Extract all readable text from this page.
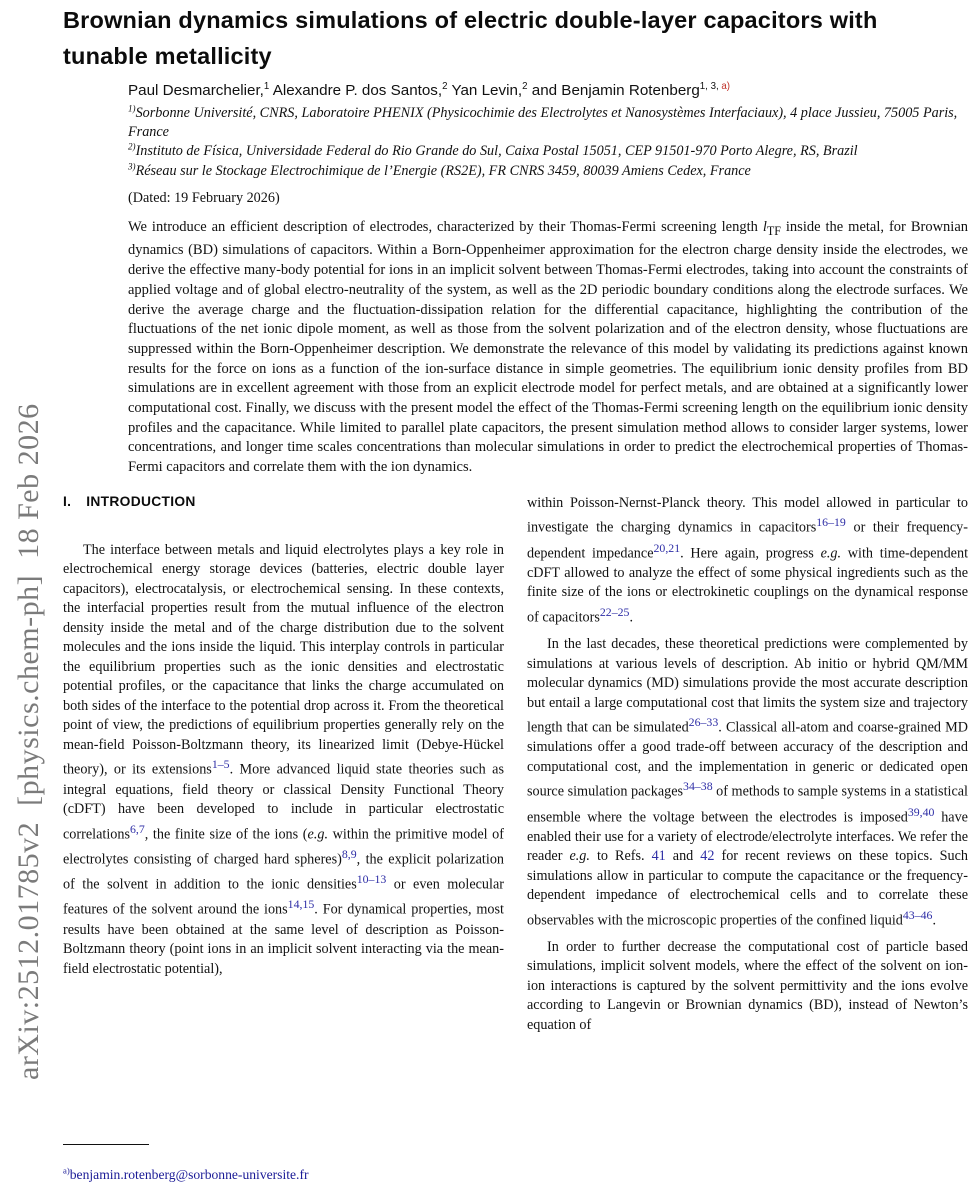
arXiv:2512.01785v2  [physics.chem-ph]  18 Feb 2026
Brownian dynamics simulations of electric double-layer capacitors with tunable metallicity
Paul Desmarchelier,$^1$ Alexandre P. dos Santos,$^2$ Yan Levin,$^2$ and Benjamin Rotenberg$^{1, 3,}$ $^{a)}$
$^{1)}$Sorbonne Université, CNRS, Laboratoire PHENIX (Physicochimie des Electrolytes et Nanosystèmes Interfaciaux), 4 place Jussieu, 75005 Paris, France
$^{2)}$Instituto de Física, Universidade Federal do Rio Grande do Sul, Caixa Postal 15051, CEP 91501-970 Porto Alegre, RS, Brazil
$^{3)}$Réseau sur le Stockage Electrochimique de l’Energie (RS2E), FR CNRS 3459, 80039 Amiens Cedex, France
(Dated: 19 February 2026)
We introduce an efficient description of electrodes, characterized by their Thomas-Fermi screening length $l_{TF}$ inside the metal, for Brownian dynamics (BD) simulations of capacitors. Within a Born-Oppenheimer approximation for the electron charge density inside the electrodes, we derive the effective many-body potential for ions in an implicit solvent between Thomas-Fermi electrodes, taking into account the constraints of applied voltage and of global electro-neutrality of the system, as well as the 2D periodic boundary conditions along the electrode surfaces. We derive the average charge and the fluctuation-dissipation relation for the differential capacitance, highlighting the contribution of the fluctuations of the net ionic dipole moment, as well as those from the solvent polarization and of the electron density, whose fluctuations are suppressed within the Born-Oppenheimer description. We demonstrate the relevance of this model by validating its predictions against known results for the force on ions as a function of the ion-surface distance in simple geometries. The equilibrium ionic density profiles from BD simulations are in excellent agreement with those from an explicit electrode model for perfect metals, and are obtained at a significantly lower computational cost. Finally, we discuss with the present model the effect of the Thomas-Fermi screening length on the equilibrium ionic density profiles and the capacitance. While limited to parallel plate capacitors, the present simulation method allows to consider larger systems, lower concentrations, and longer time scales concentrations than molecular simulations in order to predict the electrochemical properties of Thomas-Fermi capacitors and correlate them with the ion dynamics.
I. INTRODUCTION

The interface between metals and liquid electrolytes plays a key role in electrochemical energy storage devices (batteries, electric double layer capacitors), electrocatalysis, or electrochemical sensing. In these contexts, the interfacial properties result from the mutual influence of the electron density inside the metal and of the charge distribution due to the solvent molecules and the ions inside the liquid. This interplay controls in particular the equilibrium properties such as the ionic densities and electrostatic potential profiles, or the capacitance that links the charge accumulated on both sides of the interface to the potential drop across it. From the theoretical point of view, the predictions of equilibrium properties generally rely on the mean-field Poisson-Boltzmann theory, its linearized limit (Debye-Hückel theory), or its extensions$^{1-5}$. More advanced liquid state theories such as integral equations, field theory or classical Density Functional Theory (cDFT) have been developed to include in particular electrostatic correlations$^{6,7}$, the finite size of the ions (e.g. within the primitive model of electrolytes consisting of charged hard spheres)$^{8,9}$, the explicit polarization of the solvent in addition to the ionic densities$^{10-13}$ or even molecular features of the solvent around the ions$^{14,15}$. For dynamical properties, most results have been obtained at the same level of description as Poisson-Boltzmann theory (point ions in an implicit solvent interacting via the mean-field electrostatic potential),

within Poisson-Nernst-Planck theory. This model allowed in particular to investigate the charging dynamics in capacitors$^{16-19}$ or their frequency-dependent impedance$^{20,21}$. Here again, progress e.g. with time-dependent cDFT allowed to analyze the effect of some physical ingredients such as the finite size of the ions or electrokinetic couplings on the dynamical response of capacitors$^{22-25}$.

In the last decades, these theoretical predictions were complemented by simulations at various levels of description. Ab initio or hybrid QM/MM molecular dynamics (MD) simulations provide the most accurate description but entail a large computational cost that limits the system size and trajectory length that can be simulated$^{26-33}$. Classical all-atom and coarse-grained MD simulations offer a good trade-off between accuracy of the description and computational cost, and the implementation in generic or dedicated open source simulation packages$^{34-38}$ of methods to sample systems in a statistical ensemble where the voltage between the electrodes is imposed$^{39,40}$ have enabled their use for a variety of electrode/electrolyte interfaces. We refer the reader e.g. to Refs. 41 and 42 for recent reviews on these topics. Such simulations allow in particular to compute the capacitance or the frequency-dependent impedance of electrochemical cells and to correlate these observables with the microscopic properties of the confined liquid$^{43-46}$.

In order to further decrease the computational cost of particle based simulations, implicit solvent models, where the effect of the solvent on ion-ion interactions is captured by the solvent permittivity and the ions evolve according to Langevin or Brownian dynamics (BD), instead of Newton’s equation of

$^{a)}$benjamin.rotenberg@sorbonne-universite.fr
